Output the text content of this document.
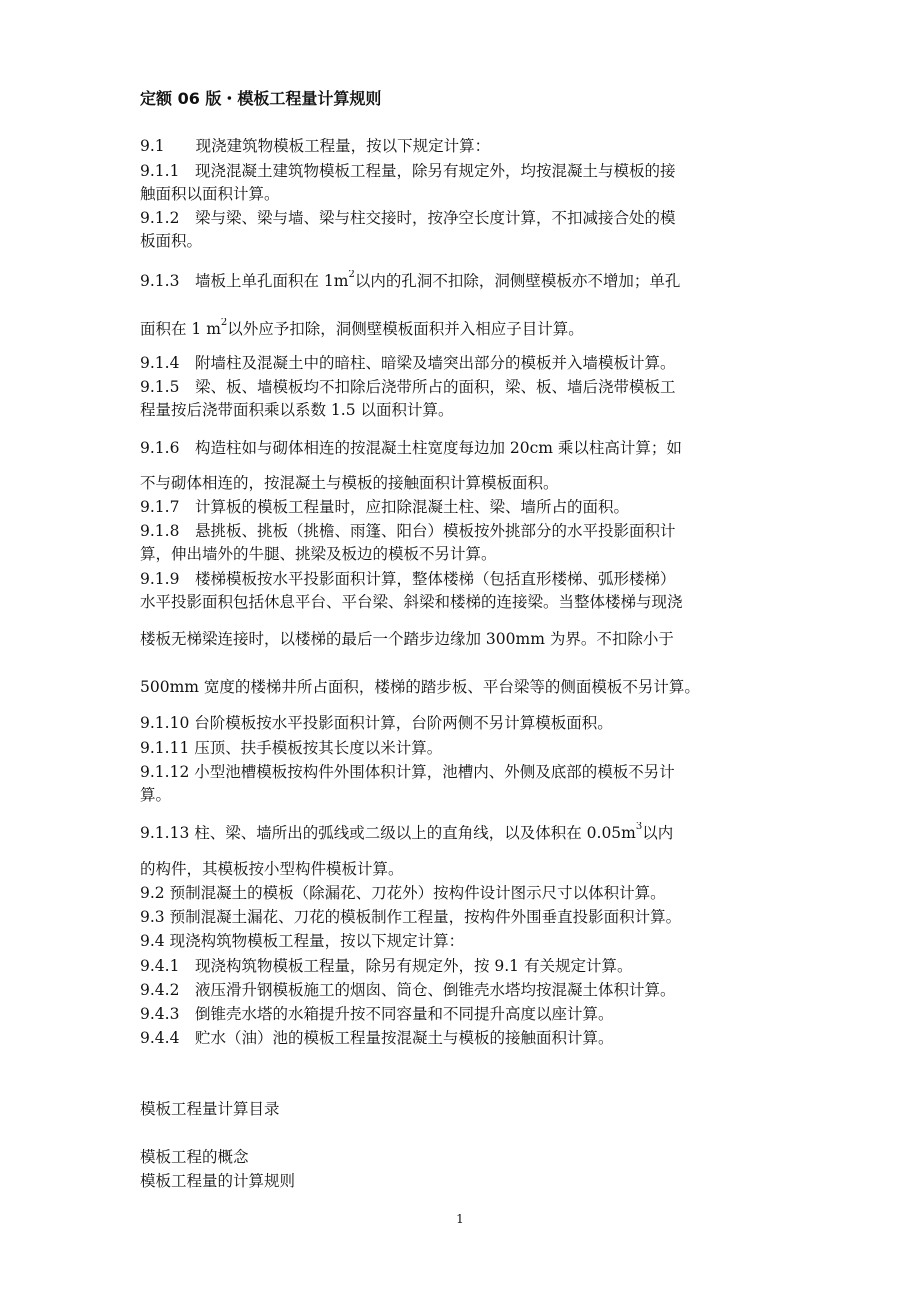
定额 06 版・模板工程量计算规则
9.1　　现浇建筑物模板工程量，按以下规定计算：
9.1.1　现浇混凝土建筑物模板工程量，除另有规定外，均按混凝土与模板的接
触面积以面积计算。
9.1.2　梁与梁、梁与墙、梁与柱交接时，按净空长度计算，不扣减接合处的模
板面积。
9.1.3　墙板上单孔面积在 $1m^2$以内的孔洞不扣除，洞侧壁模板亦不增加；单孔
面积在 1 $m^2$以外应予扣除，洞侧壁模板面积并入相应子目计算。
9.1.4　附墙柱及混凝土中的暗柱、暗梁及墙突出部分的模板并入墙模板计算。
9.1.5　梁、板、墙模板均不扣除后浇带所占的面积，梁、板、墙后浇带模板工
程量按后浇带面积乘以系数 1.5 以面积计算。
9.1.6　构造柱如与砌体相连的按混凝土柱宽度每边加 20cm 乘以柱高计算；如
不与砌体相连的，按混凝土与模板的接触面积计算模板面积。
9.1.7　计算板的模板工程量时，应扣除混凝土柱、梁、墙所占的面积。
9.1.8　悬挑板、挑板（挑檐、雨篷、阳台）模板按外挑部分的水平投影面积计
算，伸出墙外的牛腿、挑梁及板边的模板不另计算。
9.1.9　楼梯模板按水平投影面积计算，整体楼梯（包括直形楼梯、弧形楼梯）
水平投影面积包括休息平台、平台梁、斜梁和楼梯的连接梁。当整体楼梯与现浇
楼板无梯梁连接时，以楼梯的最后一个踏步边缘加 300mm 为界。不扣除小于
500mm 宽度的楼梯井所占面积，楼梯的踏步板、平台梁等的侧面模板不另计算。
9.1.10 台阶模板按水平投影面积计算，台阶两侧不另计算模板面积。
9.1.11 压顶、扶手模板按其长度以米计算。
9.1.12 小型池槽模板按构件外围体积计算，池槽内、外侧及底部的模板不另计
算。
9.1.13 柱、梁、墙所出的弧线或二级以上的直角线，以及体积在 $0.05m^3$以内
的构件，其模板按小型构件模板计算。
9.2 预制混凝土的模板（除漏花、刀花外）按构件设计图示尺寸以体积计算。
9.3 预制混凝土漏花、刀花的模板制作工程量，按构件外围垂直投影面积计算。
9.4 现浇构筑物模板工程量，按以下规定计算：
9.4.1　现浇构筑物模板工程量，除另有规定外，按 9.1 有关规定计算。
9.4.2　液压滑升钢模板施工的烟囱、筒仓、倒锥壳水塔均按混凝土体积计算。
9.4.3　倒锥壳水塔的水箱提升按不同容量和不同提升高度以座计算。
9.4.4　贮水（油）池的模板工程量按混凝土与模板的接触面积计算。
模板工程量计算目录
模板工程的概念
模板工程量的计算规则
1
